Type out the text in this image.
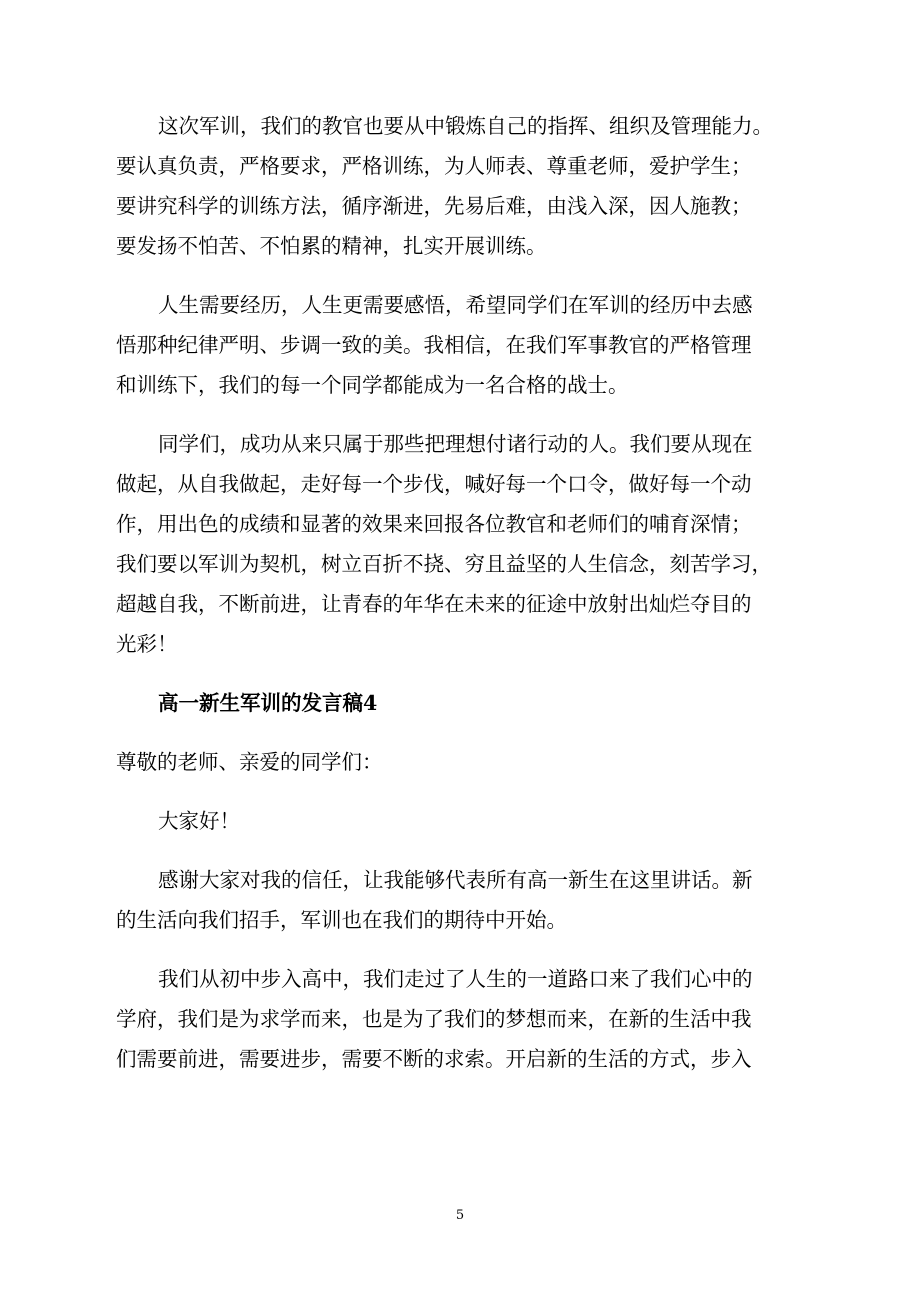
这次军训，我们的教官也要从中锻炼自己的指挥、组织及管理能力。
要认真负责，严格要求，严格训练，为人师表、尊重老师，爱护学生；
要讲究科学的训练方法，循序渐进，先易后难，由浅入深，因人施教；
要发扬不怕苦、不怕累的精神，扎实开展训练。
人生需要经历，人生更需要感悟，希望同学们在军训的经历中去感
悟那种纪律严明、步调一致的美。我相信，在我们军事教官的严格管理
和训练下，我们的每一个同学都能成为一名合格的战士。
同学们，成功从来只属于那些把理想付诸行动的人。我们要从现在
做起，从自我做起，走好每一个步伐，喊好每一个口令，做好每一个动
作，用出色的成绩和显著的效果来回报各位教官和老师们的哺育深情；
我们要以军训为契机，树立百折不挠、穷且益坚的人生信念，刻苦学习，
超越自我，不断前进，让青春的年华在未来的征途中放射出灿烂夺目的
光彩！
高一新生军训的发言稿4
尊敬的老师、亲爱的同学们：
大家好！
感谢大家对我的信任，让我能够代表所有高一新生在这里讲话。新
的生活向我们招手，军训也在我们的期待中开始。
我们从初中步入高中，我们走过了人生的一道路口来了我们心中的
学府，我们是为求学而来，也是为了我们的梦想而来，在新的生活中我
们需要前进，需要进步，需要不断的求索。开启新的生活的方式，步入
5
